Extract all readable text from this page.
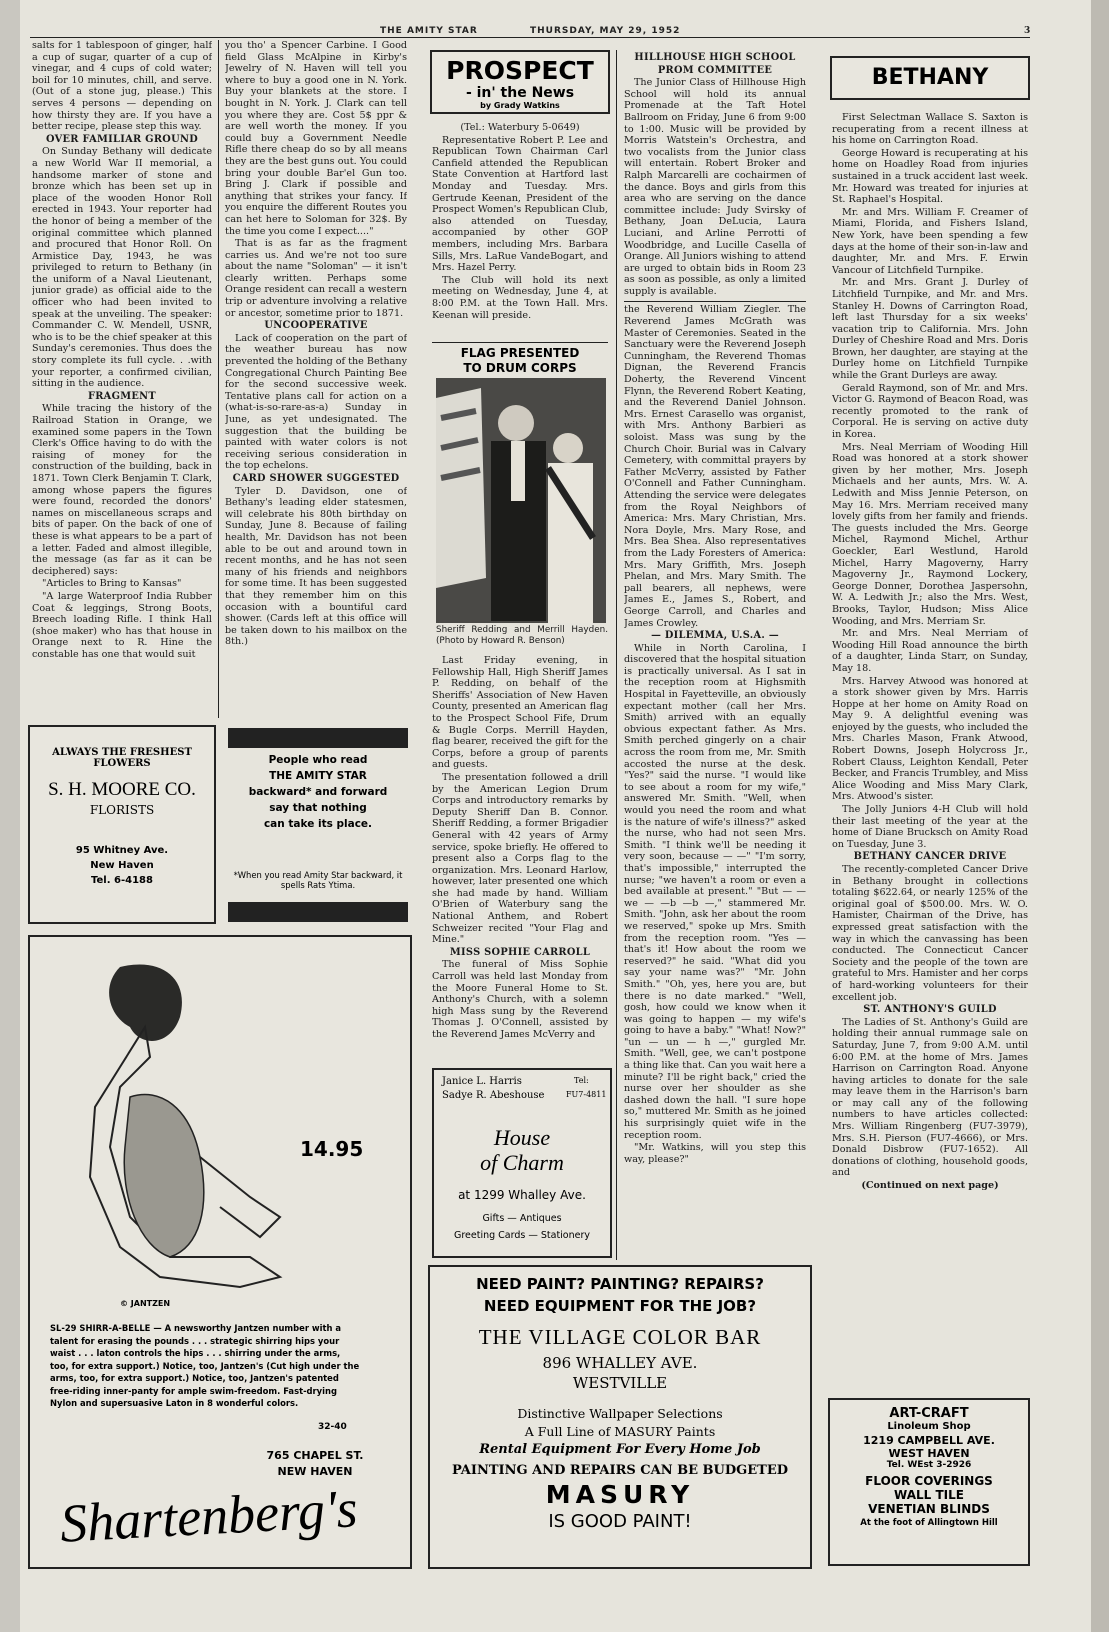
THE AMITY STAR	THURSDAY, MAY 29, 1952	3

salts for 1 tablespoon of ginger, half a cup of sugar, quarter of a cup of vinegar, and 4 cups of cold water; boil for 10 minutes, chill, and serve. (Out of a stone jug, please.) This serves 4 persons — depending on how thirsty they are. If you have a better recipe, please step this way.

OVER FAMILIAR GROUND

On Sunday Bethany will dedicate a new World War II memorial, a handsome marker of stone and bronze which has been set up in place of the wooden Honor Roll erected in 1943. Your reporter had the honor of being a member of the original committee which planned and procured that Honor Roll. On Armistice Day, 1943, he was privileged to return to Bethany (in the uniform of a Naval Lieutenant, junior grade) as official aide to the officer who had been invited to speak at the unveiling. The speaker: Commander C. W. Mendell, USNR, who is to be the chief speaker at this Sunday's ceremonies. Thus does the story complete its full cycle. . .with your reporter, a confirmed civilian, sitting in the audience.

FRAGMENT

While tracing the history of the Railroad Station in Orange, we examined some papers in the Town Clerk's Office having to do with the raising of money for the construction of the building, back in 1871. Town Clerk Benjamin T. Clark, among whose papers the figures were found, recorded the donors' names on miscellaneous scraps and bits of paper. On the back of one of these is what appears to be a part of a letter. Faded and almost illegible, the message (as far as it can be deciphered) says:

"Articles to Bring to Kansas"

"A large Waterproof India Rubber Coat & leggings, Strong Boots, Breech loading Rifle. I think Hall (shoe maker) who has that house in Orange next to R. Hine the constable has one that would suit

you tho' a Spencer Carbine. I Good field Glass McAlpine in Kirby's Jewelry of N. Haven will tell you where to buy a good one in N. York. Buy your blankets at the store. I bought in N. York. J. Clark can tell you where they are. Cost 5$ ppr & are well worth the money. If you could buy a Government Needle Rifle there cheap do so by all means they are the best guns out. You could bring your double Bar'el Gun too. Bring J. Clark if possible and anything that strikes your fancy. If you enquire the different Routes you can het here to Soloman for 32$. By the time you come I expect...."

That is as far as the fragment carries us. And we're not too sure about the name "Soloman" — it isn't clearly written. Perhaps some Orange resident can recall a western trip or adventure involving a relative or ancestor, sometime prior to 1871.

UNCOOPERATIVE

Lack of cooperation on the part of the weather bureau has now prevented the holding of the Bethany Congregational Church Painting Bee for the second successive week. Tentative plans call for action on a (what-is-so-rare-as-a) Sunday in June, as yet undesignated. The suggestion that the building be painted with water colors is not receiving serious consideration in the top echelons.

CARD SHOWER SUGGESTED

Tyler D. Davidson, one of Bethany's leading elder statesmen, will celebrate his 80th birthday on Sunday, June 8. Because of failing health, Mr. Davidson has not been able to be out and around town in recent months, and he has not seen many of his friends and neighbors for some time. It has been suggested that they remember him on this occasion with a bountiful card shower. (Cards left at this office will be taken down to his mailbox on the 8th.)

ALWAYS THE FRESHEST
FLOWERS
S. H. MOORE CO.
FLORISTS
95 Whitney Ave.
New Haven
Tel. 6-4188
People who read
THE AMITY STAR
backward* and forward
say that nothing
can take its place.
*When you read Amity Star backward, it spells Rats Ytima.
14.95
© JANTZEN
SL-29 SHIRR-A-BELLE — A newsworthy Jantzen number with a talent for erasing the pounds . . . strategic shirring hips your waist . . . laton controls the hips . . . shirring under the arms, too, for extra support.) Notice, too, Jantzen's (Cut high under the arms, too, for extra support.) Notice, too, Jantzen's patented free-riding inner-panty for ample swim-freedom. Fast-drying Nylon and supersuasive Laton in 8 wonderful colors.
32-40
765 CHAPEL ST.
NEW HAVEN
Shartenberg's
PROSPECT
- in' the News
by Grady Watkins

(Tel.: Waterbury 5-0649)

Representative Robert P. Lee and Republican Town Chairman Carl Canfield attended the Republican State Convention at Hartford last Monday and Tuesday. Mrs. Gertrude Keenan, President of the Prospect Women's Republican Club, also attended on Tuesday, accompanied by other GOP members, including Mrs. Barbara Sills, Mrs. LaRue VandeBogart, and Mrs. Hazel Perry.

The Club will hold its next meeting on Wednesday, June 4, at 8:00 P.M. at the Town Hall. Mrs. Keenan will preside.

FLAG PRESENTED
TO DRUM CORPS
Sheriff Redding and Merrill Hayden. (Photo by Howard R. Benson)

Last Friday evening, in Fellowship Hall, High Sheriff James P. Redding, on behalf of the Sheriffs' Association of New Haven County, presented an American flag to the Prospect School Fife, Drum & Bugle Corps. Merrill Hayden, flag bearer, received the gift for the Corps, before a group of parents and guests.

The presentation followed a drill by the American Legion Drum Corps and introductory remarks by Deputy Sheriff Dan B. Connor. Sheriff Redding, a former Brigadier General with 42 years of Army service, spoke briefly. He offered to present also a Corps flag to the organization. Mrs. Leonard Harlow, however, later presented one which she had made by hand. William O'Brien of Waterbury sang the National Anthem, and Robert Schweizer recited "Your Flag and Mine."

MISS SOPHIE CARROLL

The funeral of Miss Sophie Carroll was held last Monday from the Moore Funeral Home to St. Anthony's Church, with a solemn high Mass sung by the Reverend Thomas J. O'Connell, assisted by the Reverend James McVerry and

Janice L. Harris
Sadye R. Abeshouse
Tel:
FU7-4811
House
of Charm
at 1299 Whalley Ave.
Gifts — Antiques
Greeting Cards — Stationery

HILLHOUSE HIGH SCHOOL

PROM COMMITTEE

The Junior Class of Hillhouse High School will hold its annual Promenade at the Taft Hotel Ballroom on Friday, June 6 from 9:00 to 1:00. Music will be provided by Morris Watstein's Orchestra, and two vocalists from the Junior class will entertain. Robert Broker and Ralph Marcarelli are cochairmen of the dance. Boys and girls from this area who are serving on the dance committee include: Judy Svirsky of Bethany, Joan DeLucia, Laura Luciani, and Arline Perrotti of Woodbridge, and Lucille Casella of Orange. All Juniors wishing to attend are urged to obtain bids in Room 23 as soon as possible, as only a limited supply is available.

the Reverend William Ziegler. The Reverend James McGrath was Master of Ceremonies. Seated in the Sanctuary were the Reverend Joseph Cunningham, the Reverend Thomas Dignan, the Reverend Francis Doherty, the Reverend Vincent Flynn, the Reverend Robert Keating, and the Reverend Daniel Johnson. Mrs. Ernest Carasello was organist, with Mrs. Anthony Barbieri as soloist. Mass was sung by the Church Choir. Burial was in Calvary Cemetery, with committal prayers by Father McVerry, assisted by Father O'Connell and Father Cunningham. Attending the service were delegates from the Royal Neighbors of America: Mrs. Mary Christian, Mrs. Nora Doyle, Mrs. Mary Rose, and Mrs. Bea Shea. Also representatives from the Lady Foresters of America: Mrs. Mary Griffith, Mrs. Joseph Phelan, and Mrs. Mary Smith. The pall bearers, all nephews, were James E., James S., Robert, and George Carroll, and Charles and James Crowley.

— DILEMMA, U.S.A. —

While in North Carolina, I discovered that the hospital situation is practically universal. As I sat in the reception room at Highsmith Hospital in Fayetteville, an obviously expectant mother (call her Mrs. Smith) arrived with an equally obvious expectant father. As Mrs. Smith perched gingerly on a chair across the room from me, Mr. Smith accosted the nurse at the desk. "Yes?" said the nurse. "I would like to see about a room for my wife," answered Mr. Smith. "Well, when would you need the room and what is the nature of wife's illness?" asked the nurse, who had not seen Mrs. Smith. "I think we'll be needing it very soon, because — —" "I'm sorry, that's impossible," interrupted the nurse; "we haven't a room or even a bed available at present." "But — —we — —b —b —," stammered Mr. Smith. "John, ask her about the room we reserved," spoke up Mrs. Smith from the reception room. "Yes — that's it! How about the room we reserved?" he said. "What did you say your name was?" "Mr. John Smith." "Oh, yes, here you are, but there is no date marked." "Well, gosh, how could we know when it was going to happen — my wife's going to have a baby." "What! Now?" "un — un — h —," gurgled Mr. Smith. "Well, gee, we can't postpone a thing like that. Can you wait here a minute? I'll be right back," cried the nurse over her shoulder as she dashed down the hall. "I sure hope so," muttered Mr. Smith as he joined his surprisingly quiet wife in the reception room.

"Mr. Watkins, will you step this way, please?"

NEED PAINT? PAINTING? REPAIRS?
NEED EQUIPMENT FOR THE JOB?
THE VILLAGE COLOR BAR
896 WHALLEY AVE.
WESTVILLE
Distinctive Wallpaper Selections
A Full Line of MASURY Paints
Rental Equipment For Every Home Job
PAINTING AND REPAIRS CAN BE BUDGETED
MASURY
IS GOOD PAINT!
BETHANY

First Selectman Wallace S. Saxton is recuperating from a recent illness at his home on Carrington Road.

George Howard is recuperating at his home on Hoadley Road from injuries sustained in a truck accident last week. Mr. Howard was treated for injuries at St. Raphael's Hospital.

Mr. and Mrs. William F. Creamer of Miami, Florida, and Fishers Island, New York, have been spending a few days at the home of their son-in-law and daughter, Mr. and Mrs. F. Erwin Vancour of Litchfield Turnpike.

Mr. and Mrs. Grant J. Durley of Litchfield Turnpike, and Mr. and Mrs. Stanley H. Downs of Carrington Road, left last Thursday for a six weeks' vacation trip to California. Mrs. John Durley of Cheshire Road and Mrs. Doris Brown, her daughter, are staying at the Durley home on Litchfield Turnpike while the Grant Durleys are away.

Gerald Raymond, son of Mr. and Mrs. Victor G. Raymond of Beacon Road, was recently promoted to the rank of Corporal. He is serving on active duty in Korea.

Mrs. Neal Merriam of Wooding Hill Road was honored at a stork shower given by her mother, Mrs. Joseph Michaels and her aunts, Mrs. W. A. Ledwith and Miss Jennie Peterson, on May 16. Mrs. Merriam received many lovely gifts from her family and friends. The guests included the Mrs. George Michel, Raymond Michel, Arthur Goeckler, Earl Westlund, Harold Michel, Harry Magoverny, Harry Magoverny Jr., Raymond Lockery, George Donner, Dorothea Jaspersohn, W. A. Ledwith Jr.; also the Mrs. West, Brooks, Taylor, Hudson; Miss Alice Wooding, and Mrs. Merriam Sr.

Mr. and Mrs. Neal Merriam of Wooding Hill Road announce the birth of a daughter, Linda Starr, on Sunday, May 18.

Mrs. Harvey Atwood was honored at a stork shower given by Mrs. Harris Hoppe at her home on Amity Road on May 9. A delightful evening was enjoyed by the guests, who included the Mrs. Charles Mason, Frank Atwood, Robert Downs, Joseph Holycross Jr., Robert Clauss, Leighton Kendall, Peter Becker, and Francis Trumbley, and Miss Alice Wooding and Miss Mary Clark, Mrs. Atwood's sister.

The Jolly Juniors 4-H Club will hold their last meeting of the year at the home of Diane Brucksch on Amity Road on Tuesday, June 3.

BETHANY CANCER DRIVE

The recently-completed Cancer Drive in Bethany brought in collections totaling $622.64, or nearly 125% of the original goal of $500.00. Mrs. W. O. Hamister, Chairman of the Drive, has expressed great satisfaction with the way in which the canvassing has been conducted. The Connecticut Cancer Society and the people of the town are grateful to Mrs. Hamister and her corps of hard-working volunteers for their excellent job.

ST. ANTHONY'S GUILD

The Ladies of St. Anthony's Guild are holding their annual rummage sale on Saturday, June 7, from 9:00 A.M. until 6:00 P.M. at the home of Mrs. James Harrison on Carrington Road. Anyone having articles to donate for the sale may leave them in the Harrison's barn or may call any of the following numbers to have articles collected: Mrs. William Ringenberg (FU7-3979), Mrs. S.H. Pierson (FU7-4666), or Mrs. Donald Disbrow (FU7-1652). All donations of clothing, household goods, and

(Continued on next page)

ART-CRAFT
Linoleum Shop
1219 CAMPBELL AVE.
WEST HAVEN
Tel. WEst 3-2926
FLOOR COVERINGS
WALL TILE
VENETIAN BLINDS
At the foot of Allingtown Hill
